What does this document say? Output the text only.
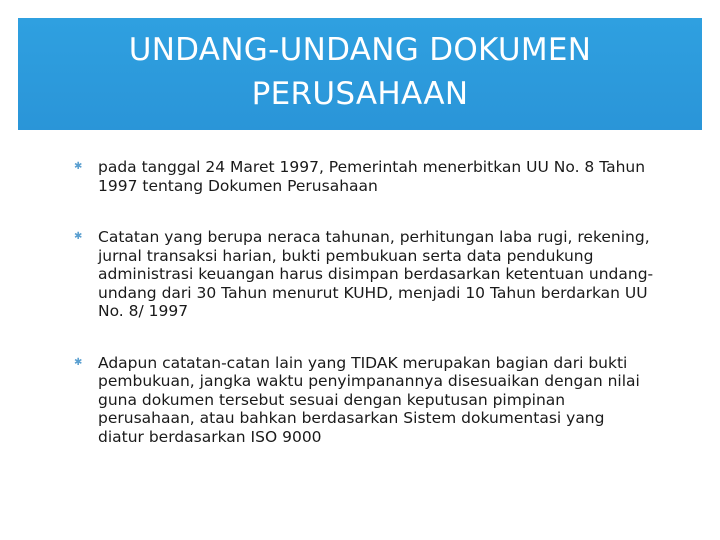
UNDANG-UNDANG DOKUMEN PERUSAHAAN
✱ pada tanggal 24 Maret 1997, Pemerintah menerbitkan UU No. 8 Tahun 1997 tentang Dokumen Perusahaan
✱ Catatan yang berupa neraca tahunan, perhitungan laba rugi, rekening, jurnal transaksi harian, bukti pembukuan serta data pendukung administrasi keuangan harus disimpan berdasarkan ketentuan undang-undang dari 30 Tahun menurut KUHD, menjadi 10 Tahun berdarkan UU No. 8/ 1997
✱ Adapun catatan-catan lain yang TIDAK merupakan bagian dari bukti pembukuan, jangka waktu penyimpanannya disesuaikan dengan nilai guna dokumen tersebut sesuai dengan keputusan pimpinan perusahaan, atau bahkan berdasarkan Sistem dokumentasi yang diatur berdasarkan ISO 9000
